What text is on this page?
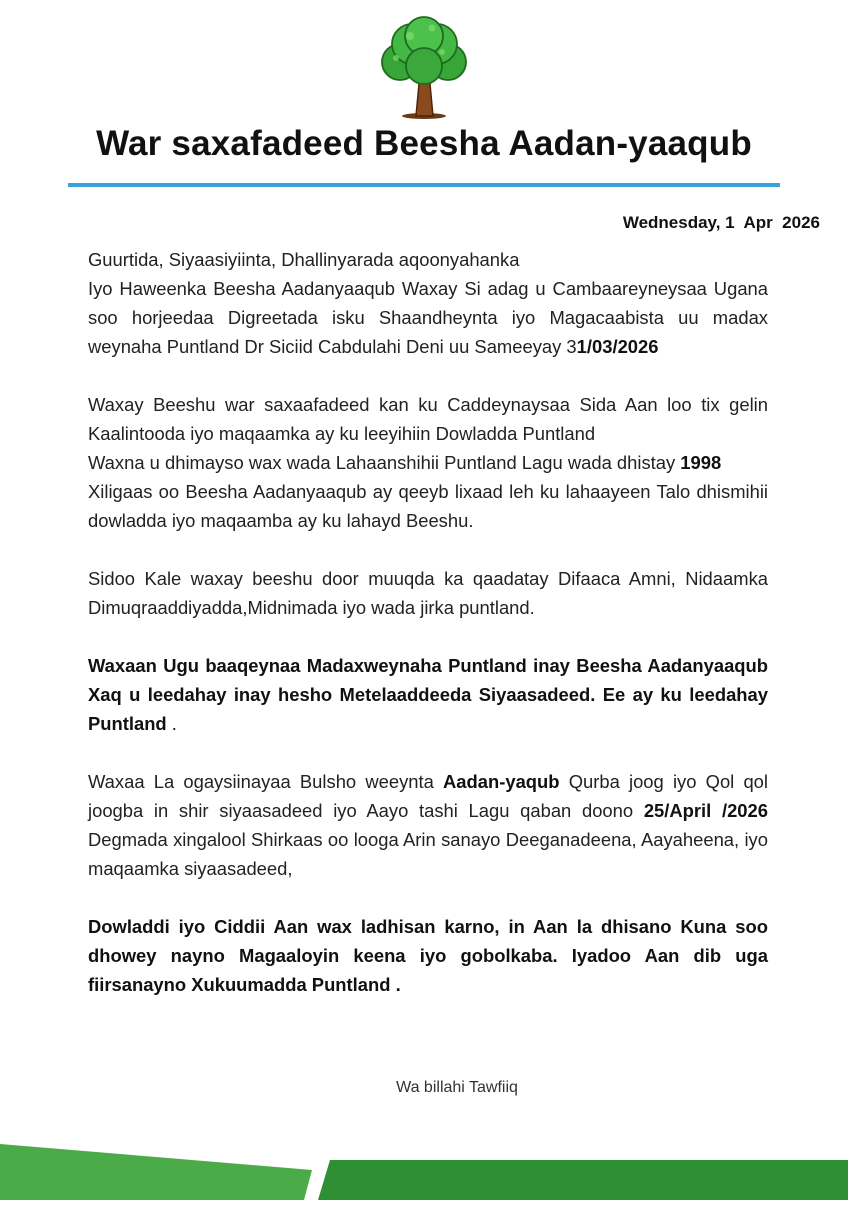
War saxafadeed Beesha Aadan-yaaqub
Wednesday, 1  Apr  2026

Guurtida, Siyaasiyiinta, Dhallinyarada aqoonyahanka
Iyo Haweenka Beesha Aadanyaaqub Waxay Si adag u Cambaareyneysaa Ugana soo horjeedaa Digreetada isku Shaandheynta iyo Magacaabista uu madax weynaha Puntland Dr Siciid Cabdulahi Deni uu Sameeyay 31/03/2026

Waxay Beeshu war saxaafadeed kan ku Caddeynaysaa Sida Aan loo tix gelin Kaalintooda iyo maqaamka ay ku leeyihiin Dowladda Puntland
Waxna u dhimayso wax wada Lahaanshihii Puntland Lagu wada dhistay 1998
Xiligaas oo Beesha Aadanyaaqub ay qeeyb lixaad leh ku lahaayeen Talo dhismihii dowladda iyo maqaamba ay ku lahayd Beeshu.

Sidoo Kale waxay beeshu door muuqda ka qaadatay Difaaca Amni, Nidaamka Dimuqraaddiyadda,Midnimada iyo wada jirka puntland.

Waxaan Ugu baaqeynaa Madaxweynaha Puntland inay Beesha Aadanyaaqub Xaq u leedahay inay hesho Metelaaddeeda Siyaasadeed. Ee ay ku leedahay Puntland .

Waxaa La ogaysiinayaa Bulsho weeynta Aadan-yaqub Qurba joog iyo Qol qol joogba in shir siyaasadeed iyo Aayo tashi Lagu qaban doono 25/April /2026 Degmada xingalool Shirkaas oo looga Arin sanayo Deeganadeena, Aayaheena, iyo maqaamka siyaasadeed,

Dowladdi iyo Ciddii Aan wax ladhisan karno, in Aan la dhisano Kuna soo dhowey nayno Magaaloyin keena iyo gobolkaba. Iyadoo Aan dib uga fiirsanayno Xukuumadda Puntland .

Wa billahi Tawfiiq
